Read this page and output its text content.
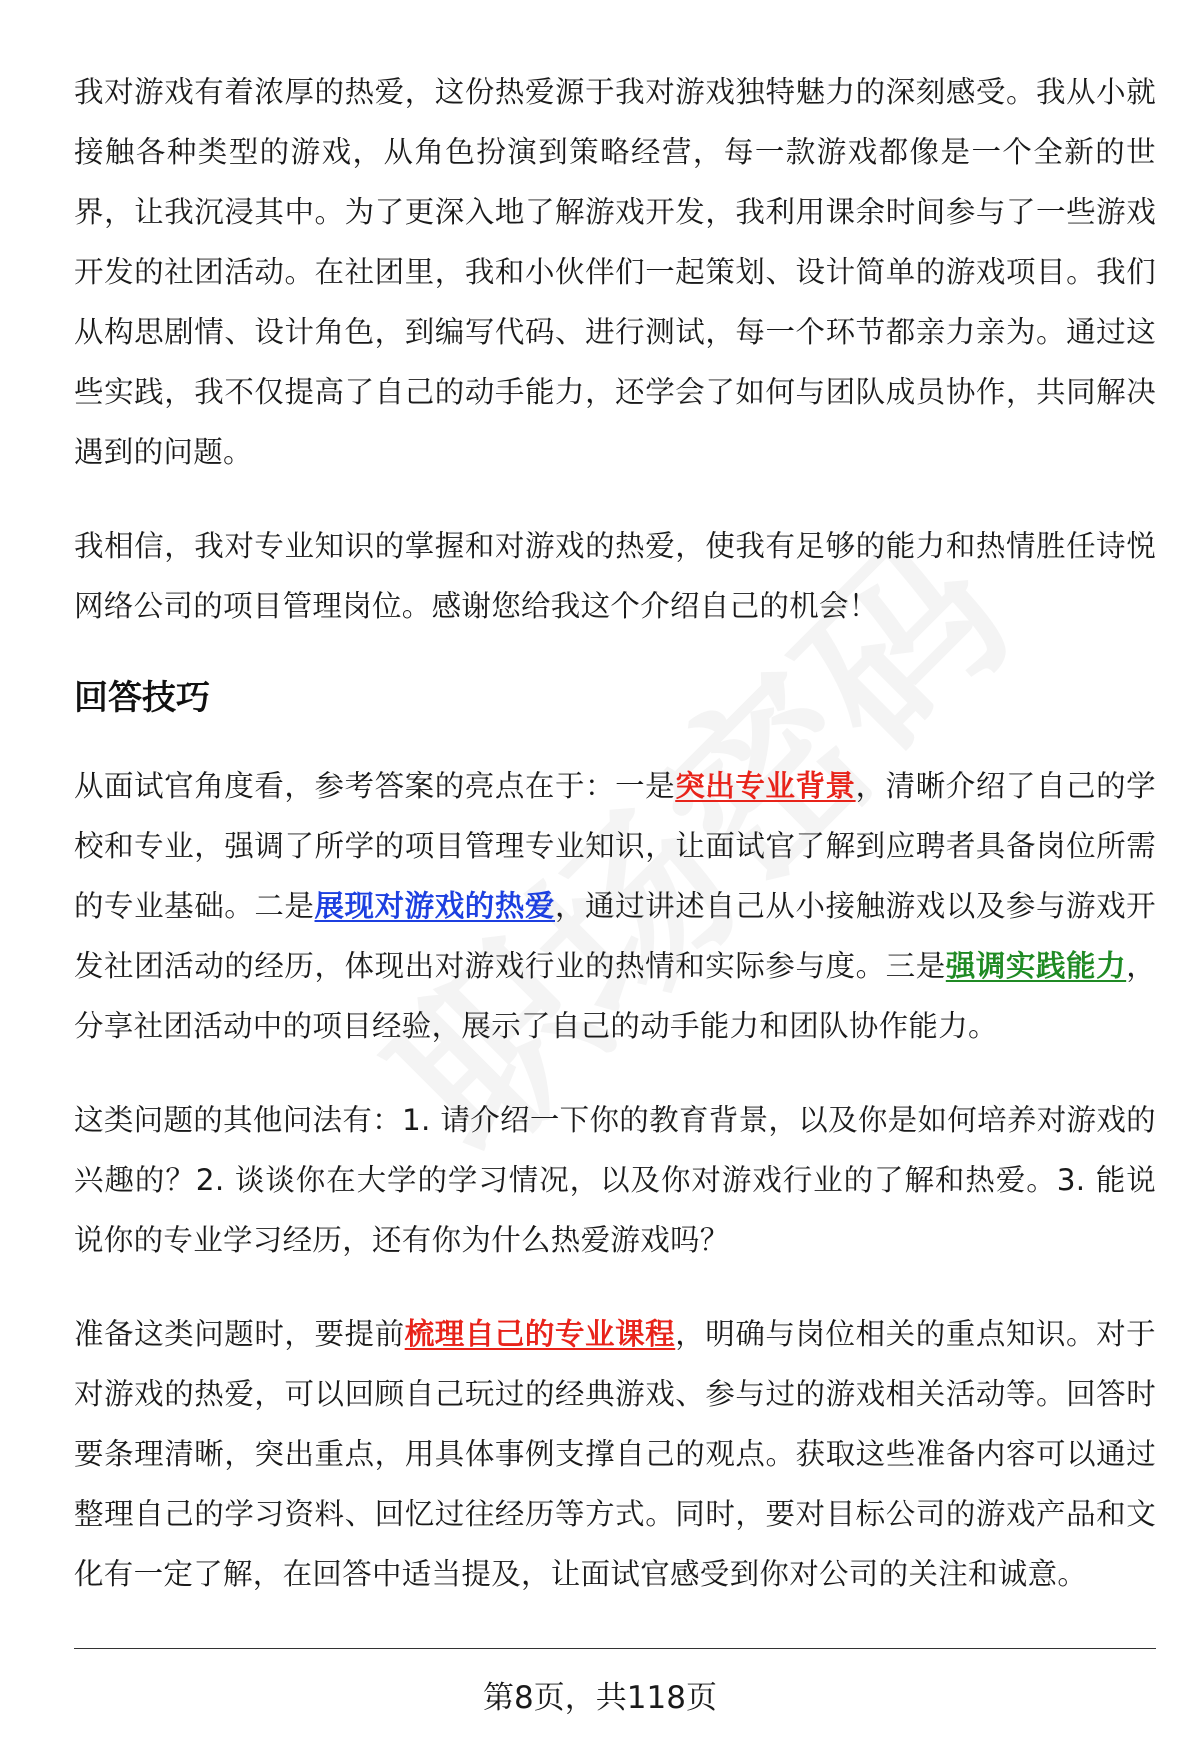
我对游戏有着浓厚的热爱，这份热爱源于我对游戏独特魅力的深刻感受。我从小就接触各种类型的游戏，从角色扮演到策略经营，每一款游戏都像是一个全新的世界，让我沉浸其中。为了更深入地了解游戏开发，我利用课余时间参与了一些游戏开发的社团活动。在社团里，我和小伙伴们一起策划、设计简单的游戏项目。我们从构思剧情、设计角色，到编写代码、进行测试，每一个环节都亲力亲为。通过这些实践，我不仅提高了自己的动手能力，还学会了如何与团队成员协作，共同解决遇到的问题。

我相信，我对专业知识的掌握和对游戏的热爱，使我有足够的能力和热情胜任诗悦网络公司的项目管理岗位。感谢您给我这个介绍自己的机会！

回答技巧

从面试官角度看，参考答案的亮点在于：一是突出专业背景，清晰介绍了自己的学校和专业，强调了所学的项目管理专业知识，让面试官了解到应聘者具备岗位所需的专业基础。二是展现对游戏的热爱，通过讲述自己从小接触游戏以及参与游戏开发社团活动的经历，体现出对游戏行业的热情和实际参与度。三是强调实践能力，分享社团活动中的项目经验，展示了自己的动手能力和团队协作能力。

这类问题的其他问法有：1. 请介绍一下你的教育背景，以及你是如何培养对游戏的兴趣的？2. 谈谈你在大学的学习情况，以及你对游戏行业的了解和热爱。3. 能说说你的专业学习经历，还有你为什么热爱游戏吗？

准备这类问题时，要提前梳理自己的专业课程，明确与岗位相关的重点知识。对于对游戏的热爱，可以回顾自己玩过的经典游戏、参与过的游戏相关活动等。回答时要条理清晰，突出重点，用具体事例支撑自己的观点。获取这些准备内容可以通过整理自己的学习资料、回忆过往经历等方式。同时，要对目标公司的游戏产品和文化有一定了解，在回答中适当提及，让面试官感受到你对公司的关注和诚意。

第8页，共118页
